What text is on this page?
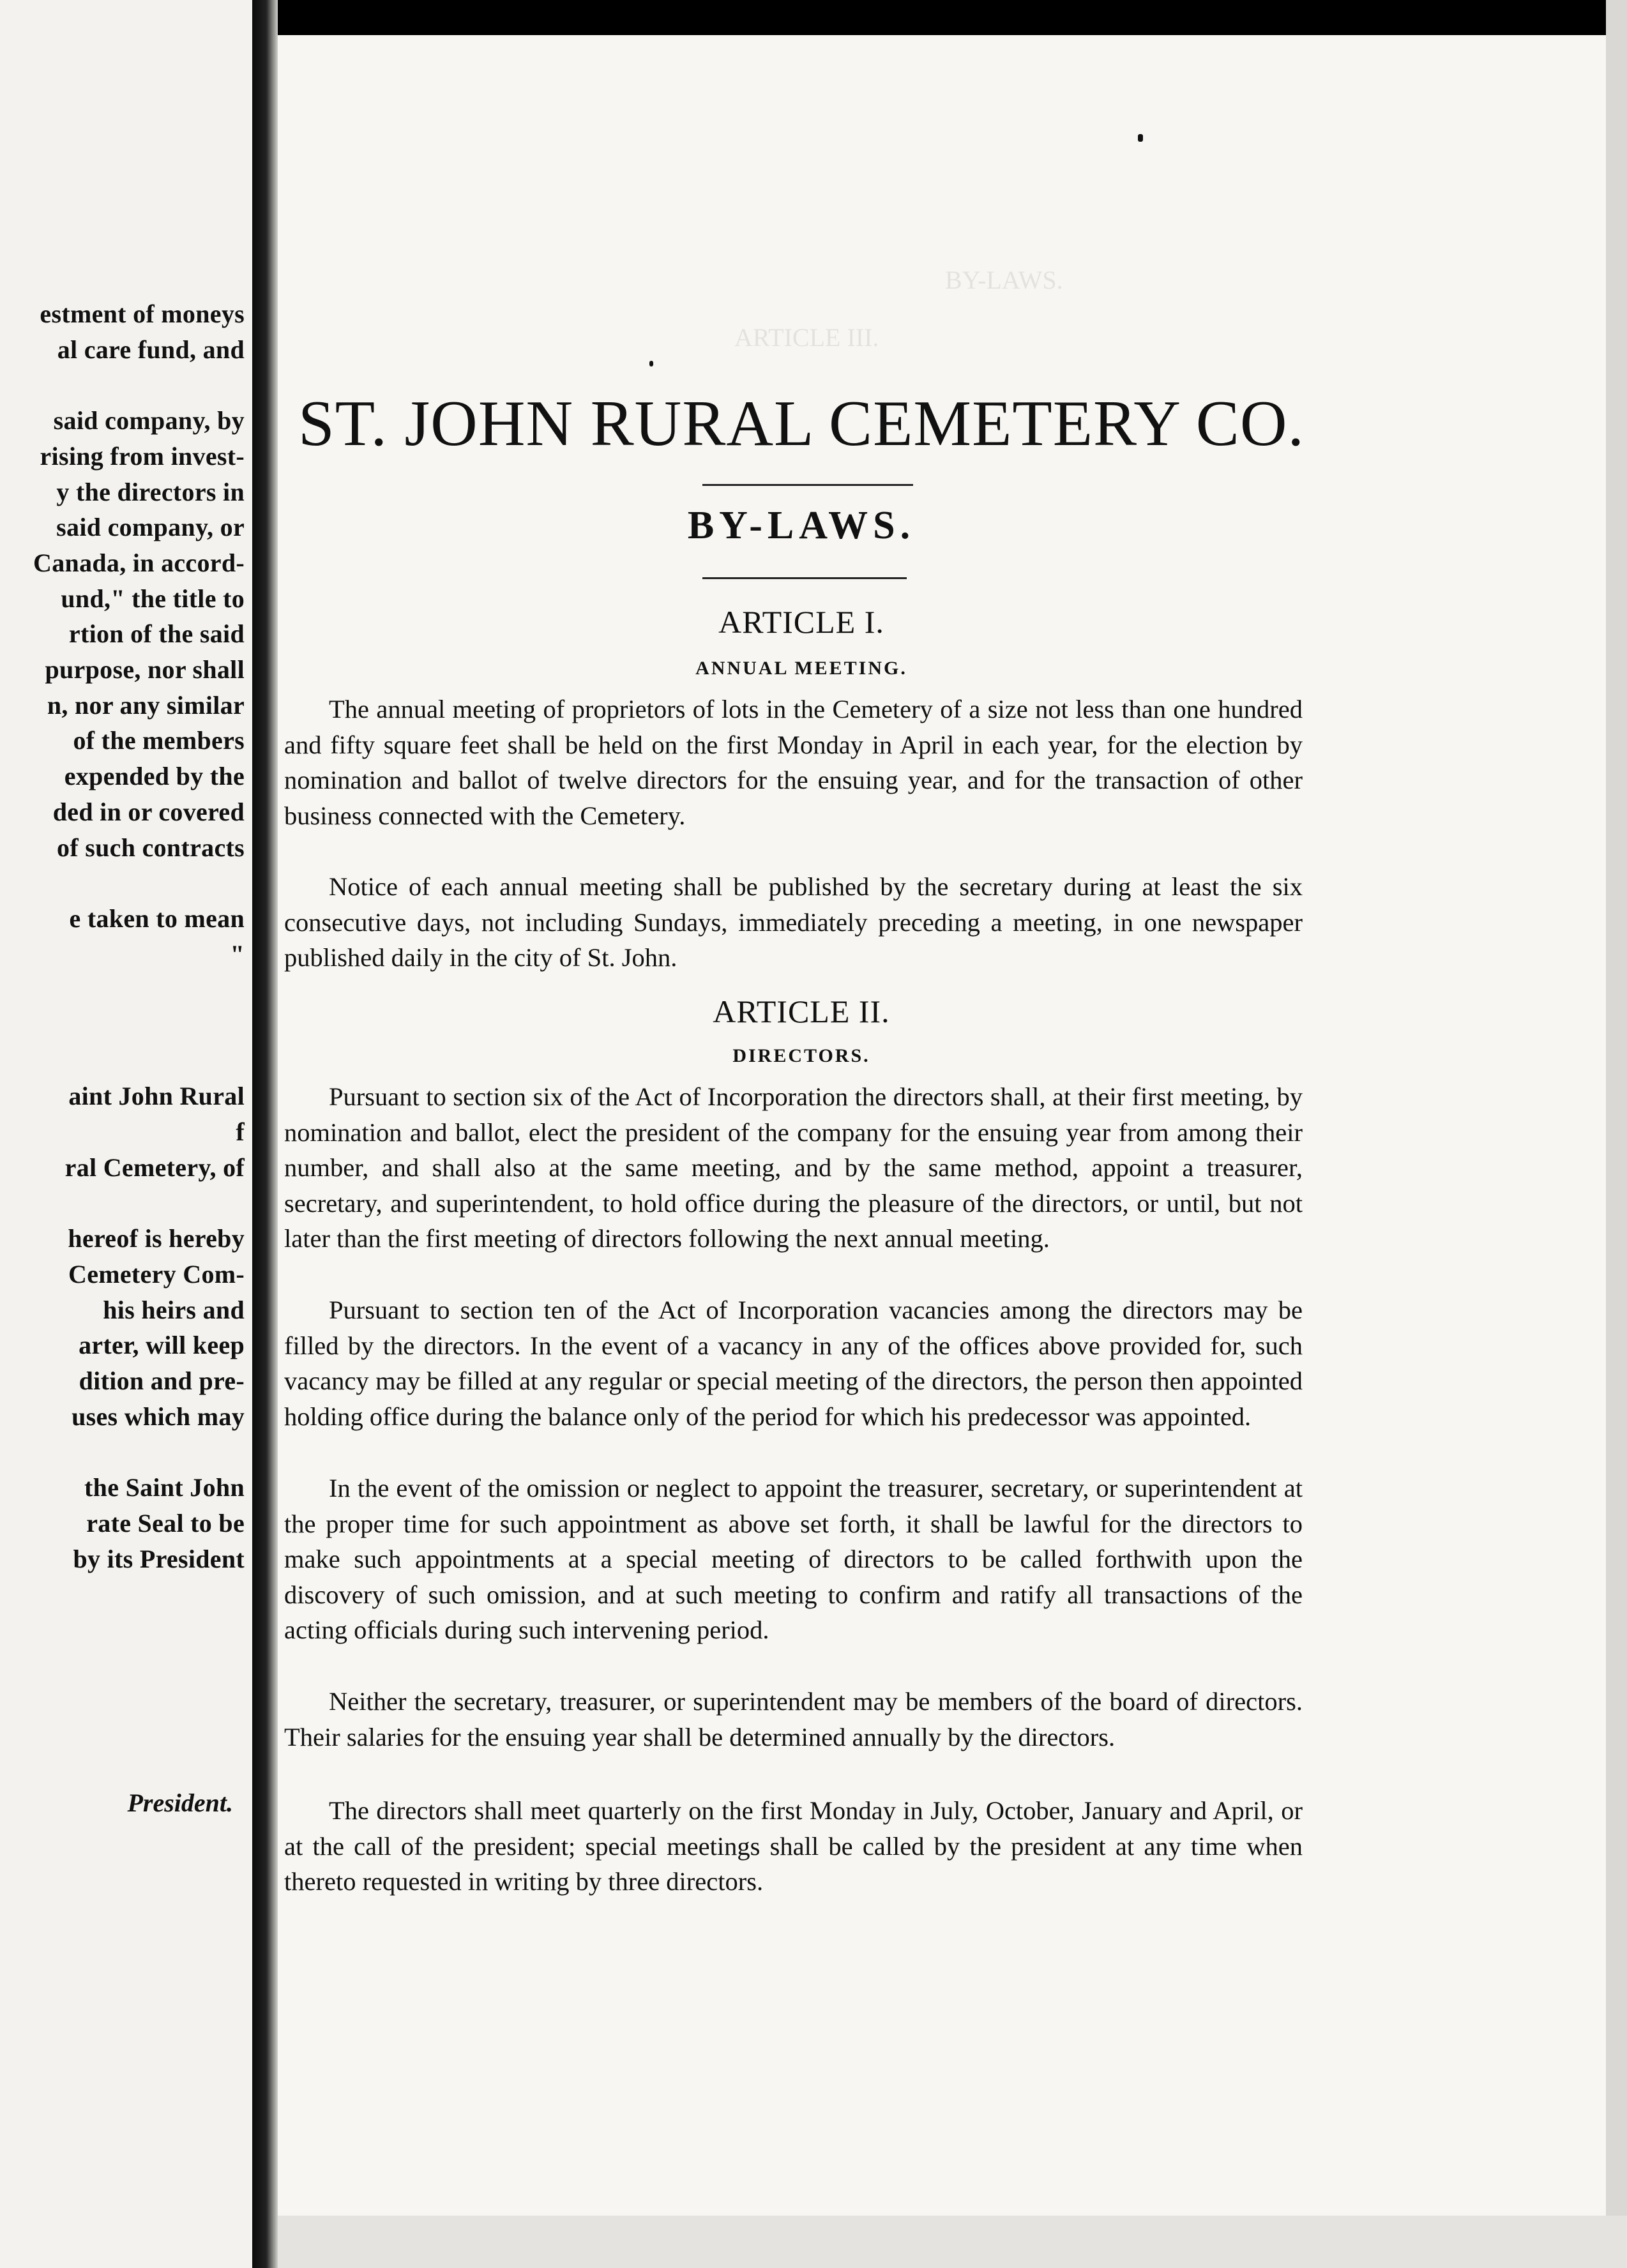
estment of moneys
al care fund, and
said company, by
rising from invest-
y the directors in
said company, or
Canada, in accord-
und," the title to
rtion of the said
purpose, nor shall
n, nor any similar
of the members
expended by the
ded in or covered
of such contracts
e taken to mean
"
aint John Rural
f
ral Cemetery, of
hereof is hereby
Cemetery Com-
his heirs and
arter, will keep
dition and pre-
uses which may
the Saint John
rate Seal to be
by its President
President.
BY-LAWS.
ARTICLE III.
ST. JOHN RURAL CEMETERY CO.
BY-LAWS.
ARTICLE I.
ANNUAL MEETING.
The annual meeting of proprietors of lots in the Cemetery of a size not less than one hundred and fifty square feet shall be held on the first Monday in April in each year, for the election by nomination and ballot of twelve directors for the ensuing year, and for the transaction of other business connected with the Cemetery.
Notice of each annual meeting shall be published by the secretary during at least the six consecutive days, not including Sundays, immediately preceding a meeting, in one newspaper published daily in the city of St. John.
ARTICLE II.
DIRECTORS.
Pursuant to section six of the Act of Incorporation the directors shall, at their first meeting, by nomination and ballot, elect the president of the company for the ensuing year from among their number, and shall also at the same meeting, and by the same method, appoint a treasurer, secretary, and superintendent, to hold office during the pleasure of the directors, or until, but not later than the first meeting of directors following the next annual meeting.
Pursuant to section ten of the Act of Incorporation vacancies among the directors may be filled by the directors. In the event of a vacancy in any of the offices above provided for, such vacancy may be filled at any regular or special meeting of the directors, the person then appointed holding office during the balance only of the period for which his predecessor was appointed.
In the event of the omission or neglect to appoint the treasurer, secretary, or superintendent at the proper time for such appointment as above set forth, it shall be lawful for the directors to make such appointments at a special meeting of directors to be called forthwith upon the discovery of such omission, and at such meeting to confirm and ratify all transactions of the acting officials during such intervening period.
Neither the secretary, treasurer, or superintendent may be members of the board of directors. Their salaries for the ensuing year shall be determined annually by the directors.
The directors shall meet quarterly on the first Monday in July, October, January and April, or at the call of the president; special meetings shall be called by the president at any time when thereto requested in writing by three directors.
